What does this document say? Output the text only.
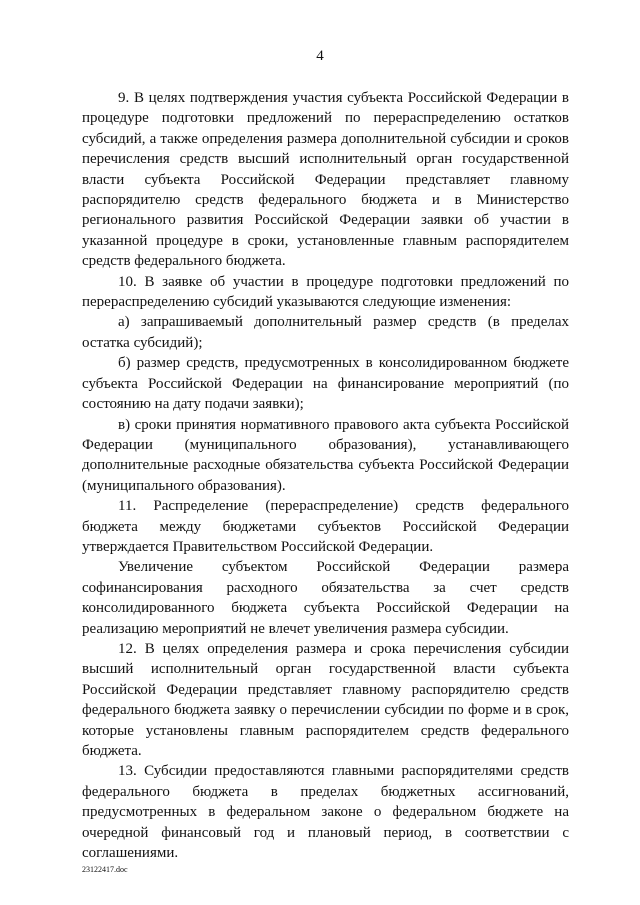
4

9. В целях подтверждения участия субъекта Российской Федерации в процедуре подготовки предложений по перераспределению остатков субсидий, а также определения размера дополнительной субсидии и сроков перечисления средств высший исполнительный орган государственной власти субъекта Российской Федерации представляет главному распорядителю средств федерального бюджета и в Министерство регионального развития Российской Федерации заявки об участии в указанной процедуре в сроки, установленные главным распорядителем средств федерального бюджета.

10. В заявке об участии в процедуре подготовки предложений по перераспределению субсидий указываются следующие изменения:

а) запрашиваемый дополнительный размер средств (в пределах остатка субсидий);

б) размер средств, предусмотренных в консолидированном бюджете субъекта Российской Федерации на финансирование мероприятий (по состоянию на дату подачи заявки);

в) сроки принятия нормативного правового акта субъекта Российской Федерации (муниципального образования), устанавливающего дополнительные расходные обязательства субъекта Российской Федерации (муниципального образования).

11. Распределение (перераспределение) средств федерального бюджета между бюджетами субъектов Российской Федерации утверждается Правительством Российской Федерации.

Увеличение субъектом Российской Федерации размера софинансирования расходного обязательства за счет средств консолидированного бюджета субъекта Российской Федерации на реализацию мероприятий не влечет увеличения размера субсидии.

12. В целях определения размера и срока перечисления субсидии высший исполнительный орган государственной власти субъекта Российской Федерации представляет главному распорядителю средств федерального бюджета заявку о перечислении субсидии по форме и в срок, которые установлены главным распорядителем средств федерального бюджета.

13. Субсидии предоставляются главными распорядителями средств федерального бюджета в пределах бюджетных ассигнований, предусмотренных в федеральном законе о федеральном бюджете на очередной финансовый год и плановый период, в соответствии с соглашениями.

23122417.doc
